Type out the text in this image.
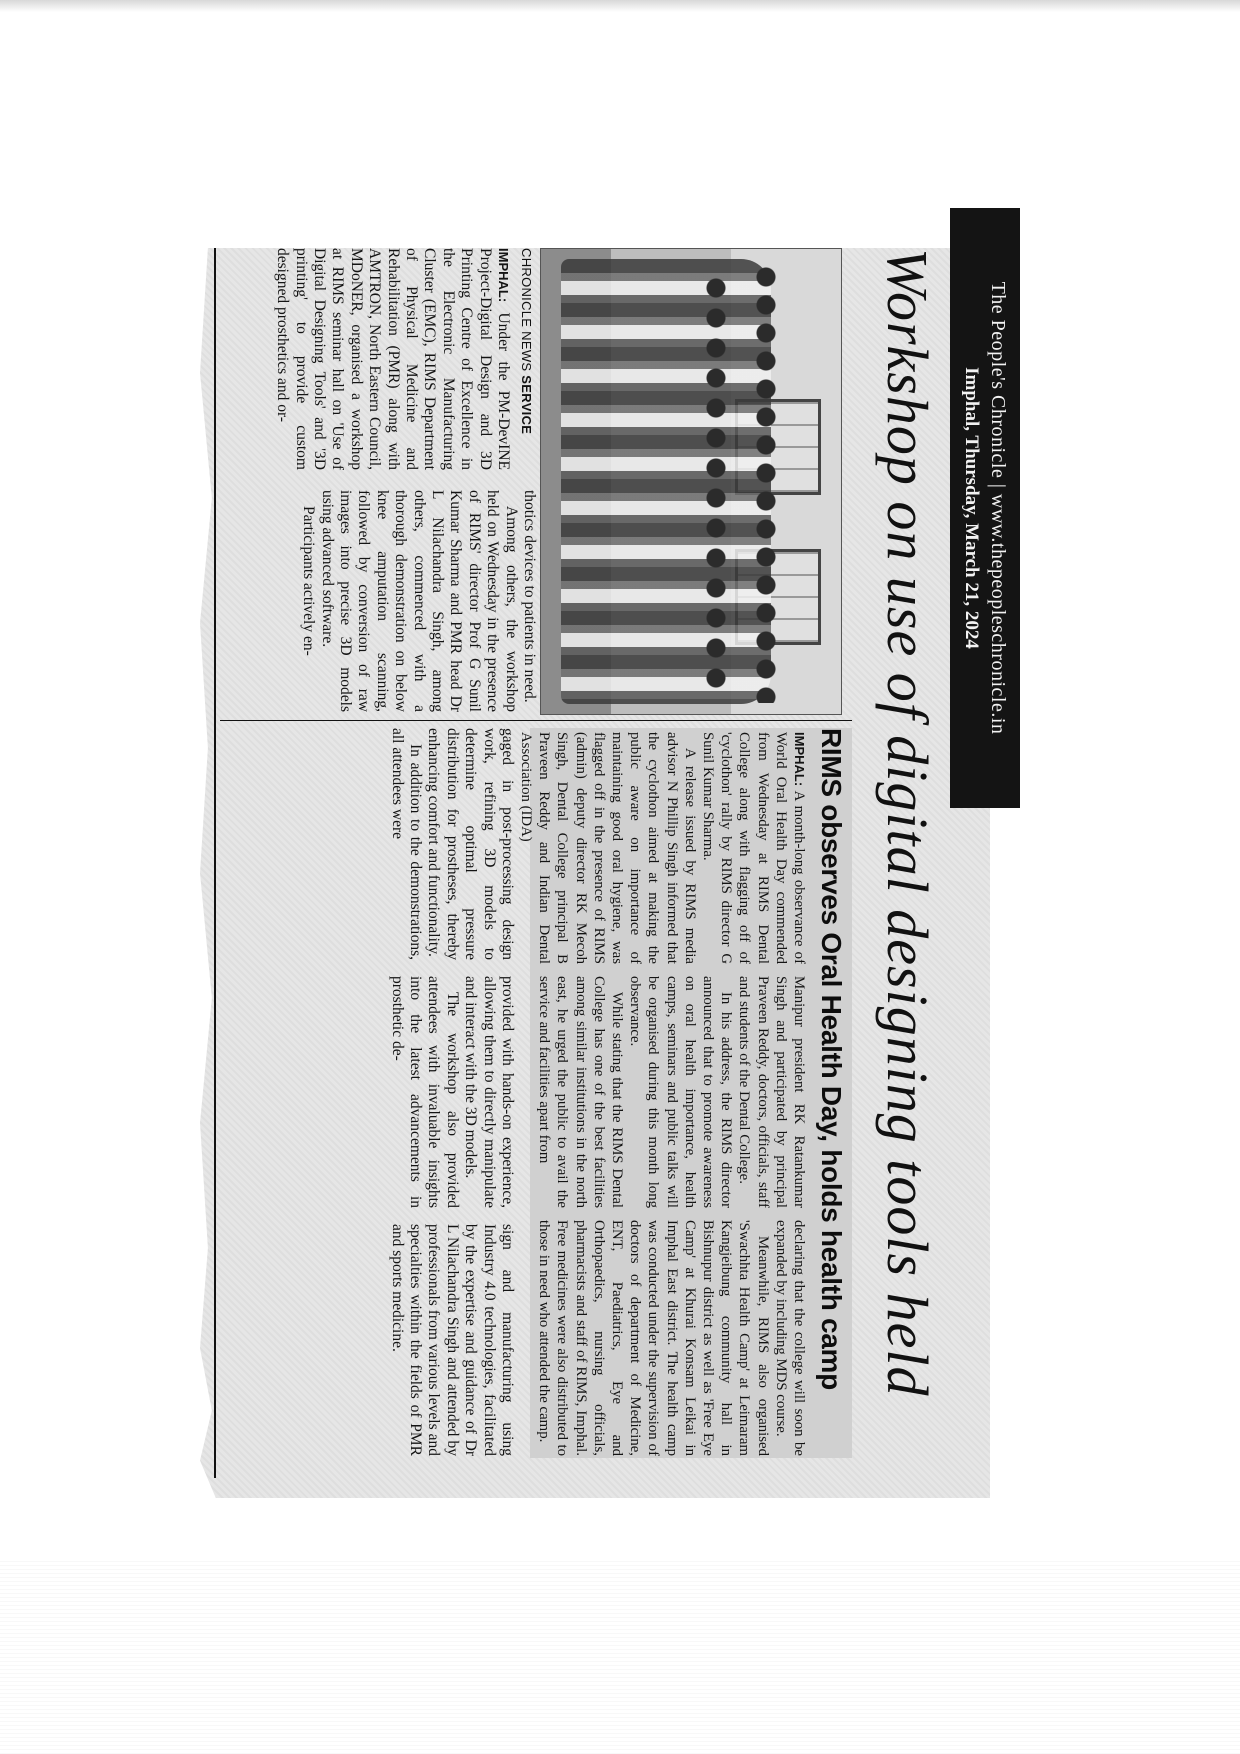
The People's Chronicle | www.thepeopleschronicle.in
Imphal, Thursday, March 21, 2024
Workshop on use of digital designing tools held
CHRONICLE NEWS SERVICE

IMPHAL: Under the PM-DevINE Project-Digital Design and 3D Printing Centre of Excellence in the Electronic Manufacturing Cluster (EMC), RIMS Department of Physical Medicine and Rehabilitation (PMR) along with AMTRON, North Eastern Council, MDoNER, organised a workshop at RIMS seminar hall on 'Use of Digital Designing Tools' and '3D printing' to provide custom designed prosthetics and or-

thotics devices to patients in need.

Among others, the workshop held on Wednesday in the presence of RIMS' director Prof G Sunil Kumar Sharma and PMR head Dr L Nilachandra Singh, among others, commenced with a thorough demonstration on below knee amputation scanning, followed by conversion of raw images into precise 3D models using advanced software.

Participants actively en-

gaged in post-processing design work, refining 3D models to determine optimal pressure distribution for prostheses, thereby enhancing comfort and functionality.

In addition to the demonstrations, all attendees were

provided with hands-on experience, allowing them to directly manipulate and interact with the 3D models.

The workshop also provided attendees with invaluable insights into the latest advancements in prosthetic de-

sign and manufacturing using Industry 4.0 technologies, facilitated by the expertise and guidance of Dr L Nilachandra Singh and attended by professionals from various levels and specialties within the fields of PMR and sports medicine.	RIMS observes Oral Health Day, holds health camp

IMPHAL: A month-long observance of World Oral Health Day commended from Wednesday at RIMS Dental College along with flagging off of 'cyclothon' rally by RIMS director G Sunil Kumar Sharma.

A release issued by RIMS media advisor N Phillip Singh informed that the cyclothon aimed at making the public aware on importance of maintaining good oral hygiene, was flagged off in the presence of RIMS (admin) deputy director RK Mecoh Singh, Dental College principal B Praveen Reddy and Indian Dental Association (IDA)

Manipur president RK Ratankumar Singh and participated by principal Praveen Reddy, doctors, officials, staff and students of the Dental College.

In his address, the RIMS director announced that to promote awareness on oral health importance, health camps, seminars and public talks will be organised during this month long observance.

While stating that the RIMS Dental College has one of the best facilities among similar institutions in the north east, he urged the public to avail the service and facilities apart from

declaring that the college will soon be expanded by including MDS course.

Meanwhile, RIMS also organised 'Swachhta Health Camp' at Leimaram Kangjeibung community hall in Bishnupur district as well as 'Free Eye Camp' at Khurai Konsam Leikai in Imphal East district. The health camp was conducted under the supervision of doctors of department of Medicine, ENT, Paediatrics, Eye and Orthopaedics, nursing officials, pharmacists and staff of RIMS, Imphal. Free medicines were also distributed to those in need who attended the camp.
